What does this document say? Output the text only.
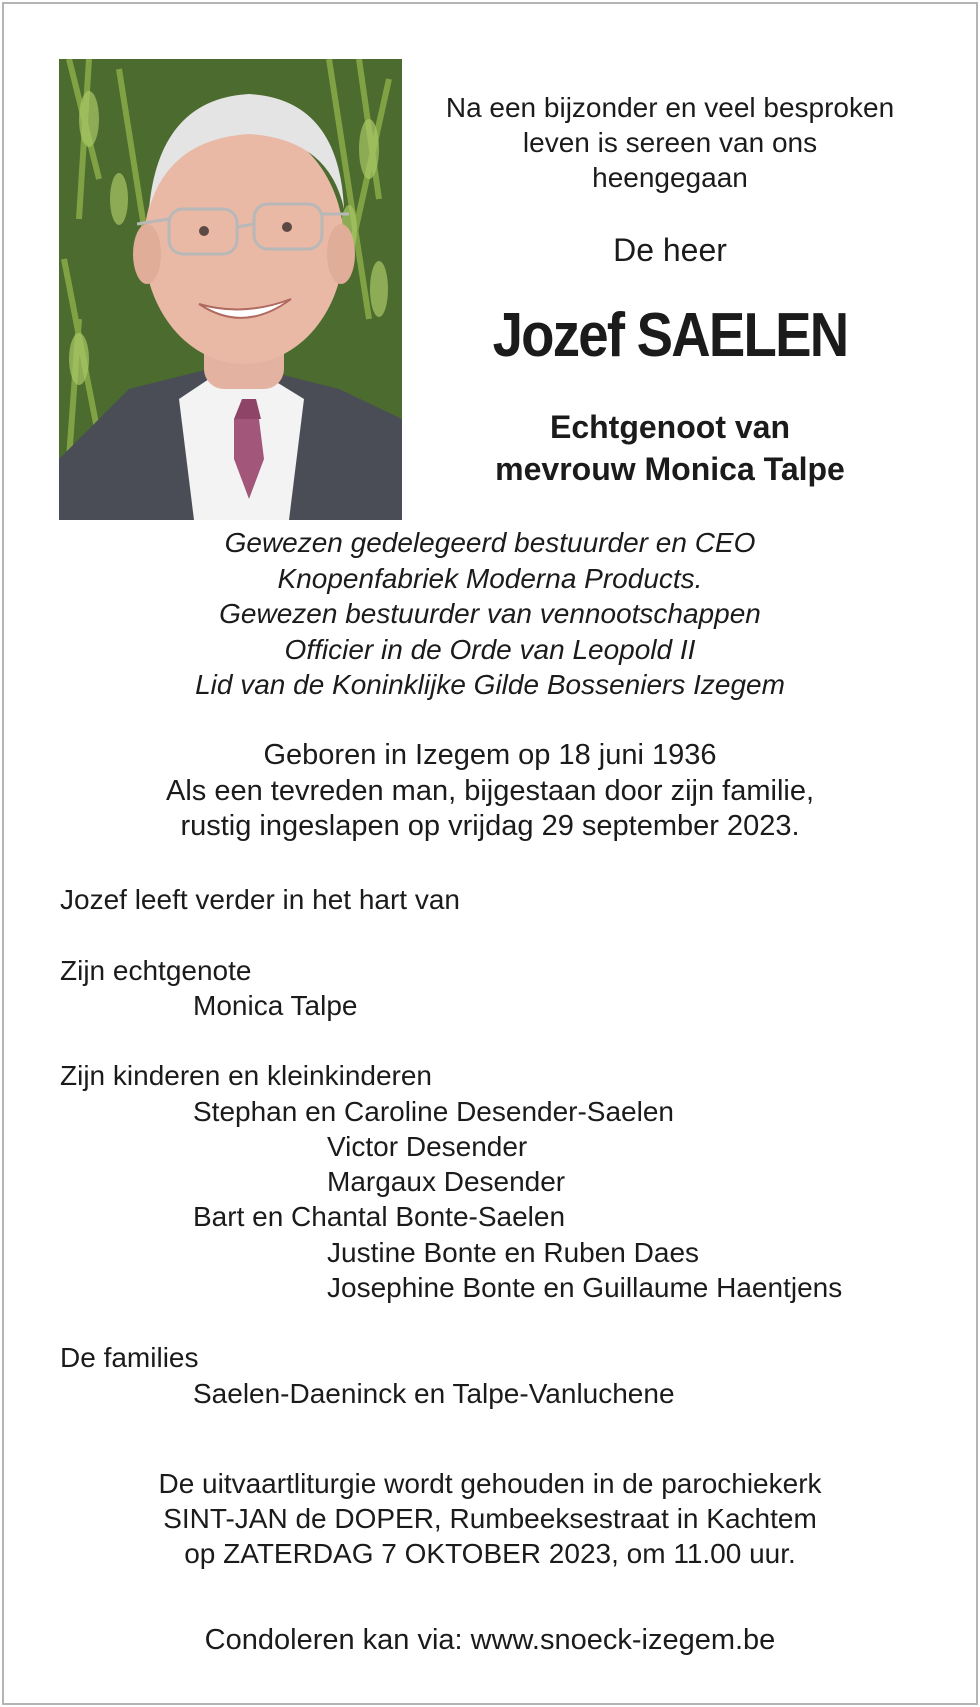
Na een bijzonder en veel besproken
leven is sereen van ons
heengegaan
De heer
Jozef SAELEN
Echtgenoot van
mevrouw Monica Talpe
Gewezen gedelegeerd bestuurder en CEO
Knopenfabriek Moderna Products.
Gewezen bestuurder van vennootschappen
Officier in de Orde van Leopold II
Lid van de Koninklijke Gilde Bosseniers Izegem
Geboren in Izegem op 18 juni 1936
Als een tevreden man, bijgestaan door zijn familie,
rustig ingeslapen op vrijdag 29 september 2023.
Jozef leeft verder in het hart van
Zijn echtgenote
Monica Talpe
Zijn kinderen en kleinkinderen
Stephan en Caroline Desender-Saelen
Victor Desender
Margaux Desender
Bart en Chantal Bonte-Saelen
Justine Bonte en Ruben Daes
Josephine Bonte en Guillaume Haentjens
De families
Saelen-Daeninck en Talpe-Vanluchene
De uitvaartliturgie wordt gehouden in de parochiekerk
SINT-JAN de DOPER, Rumbeeksestraat in Kachtem
op ZATERDAG 7 OKTOBER 2023, om 11.00 uur.
Condoleren kan via: www.snoeck-izegem.be
